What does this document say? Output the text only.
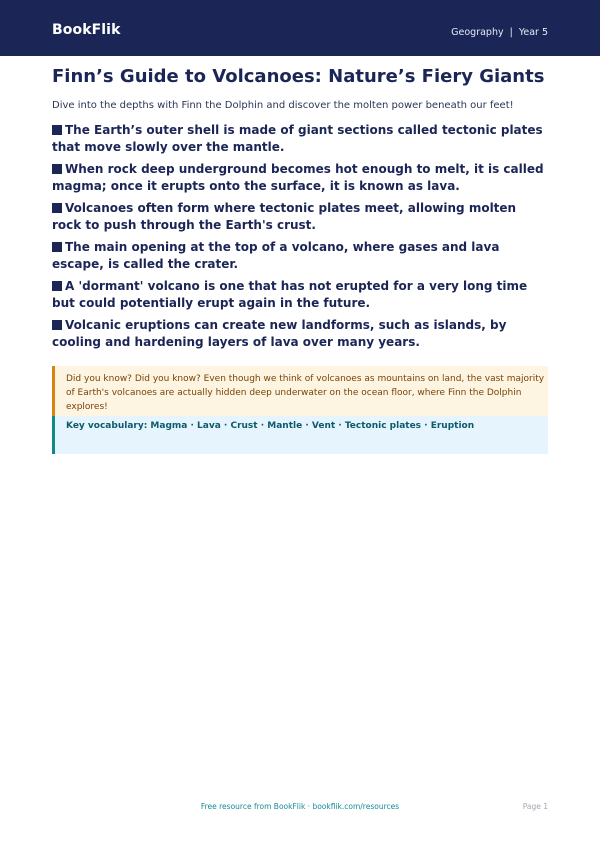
BookFlik	Geography | Year 5
Finn’s Guide to Volcanoes: Nature’s Fiery Giants

Dive into the depths with Finn the Dolphin and discover the molten power beneath our feet!

The Earth’s outer shell is made of giant sections called tectonic plates that move slowly over the mantle.
When rock deep underground becomes hot enough to melt, it is called magma; once it erupts onto the surface, it is known as lava.
Volcanoes often form where tectonic plates meet, allowing molten rock to push through the Earth's crust.
The main opening at the top of a volcano, where gases and lava escape, is called the crater.
A 'dormant' volcano is one that has not erupted for a very long time but could potentially erupt again in the future.
Volcanic eruptions can create new landforms, such as islands, by cooling and hardening layers of lava over many years.
Did you know? Did you know? Even though we think of volcanoes as mountains on land, the vast majority of Earth's volcanoes are actually hidden deep underwater on the ocean floor, where Finn the Dolphin explores!
Key vocabulary: Magma · Lava · Crust · Mantle · Vent · Tectonic plates · Eruption
Free resource from BookFlik · bookflik.com/resources	Page 1
